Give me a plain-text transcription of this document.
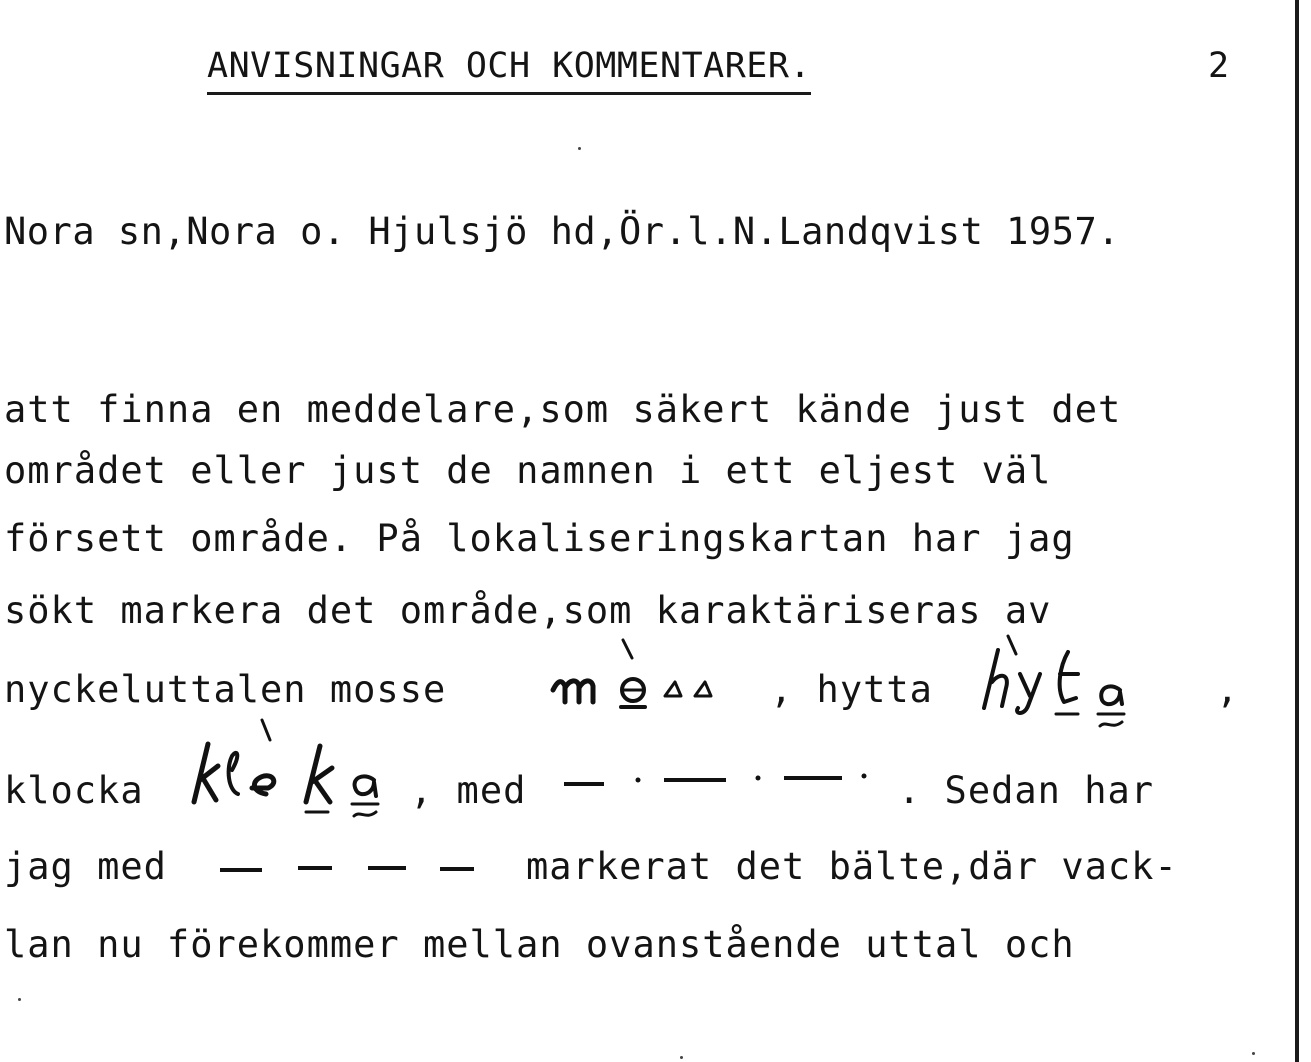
ANVISNINGAR OCH KOMMENTARER.	2
Nora sn,Nora o. Hjulsjö hd,Ör.l.N.Landqvist 1957.
att finna en meddelare,som säkert kände just det
området eller just de namnen i ett eljest väl
försett område. På lokaliseringskartan har jag
sökt markera det område,som karaktäriseras av
nyckeluttalen mosse	, hytta	,
klocka	, med	. Sedan har
jag med	markerat det bälte,där vack-
lan nu förekommer mellan ovanstående uttal och
